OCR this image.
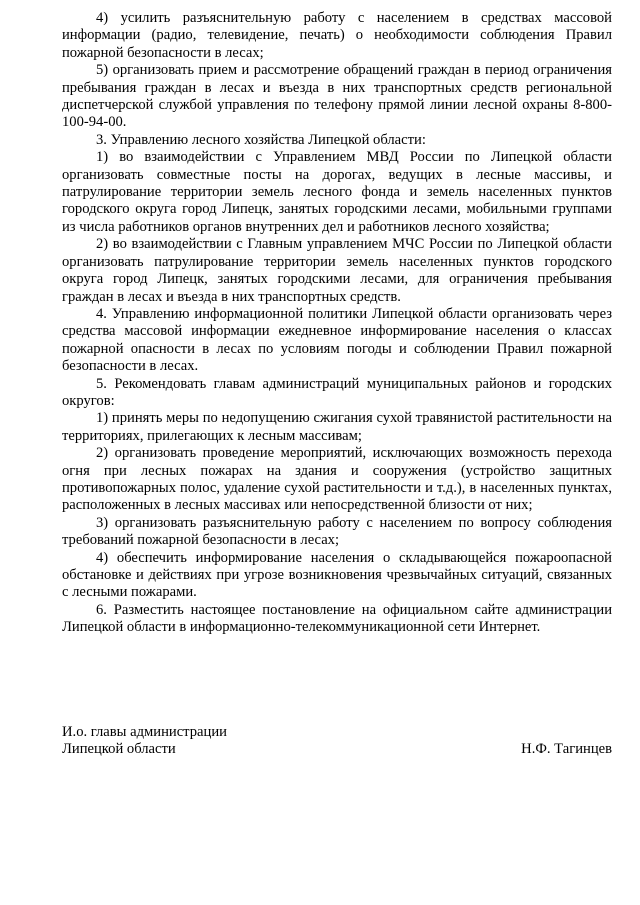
4) усилить разъяснительную работу с населением в средствах массовой информации (радио, телевидение, печать) о необходимости соблюдения Правил пожарной безопасности в лесах;

5) организовать прием и рассмотрение обращений граждан в период ограничения пребывания граждан в лесах и въезда в них транспортных средств региональной диспетчерской службой управления по телефону прямой линии лесной охраны 8-800-100-94-00.

3. Управлению лесного хозяйства Липецкой области:

1) во взаимодействии с Управлением МВД России по Липецкой области организовать совместные посты на дорогах, ведущих в лесные массивы, и патрулирование территории земель лесного фонда и земель населенных пунктов городского округа город Липецк, занятых городскими лесами, мобильными группами из числа работников органов внутренних дел и работников лесного хозяйства;

2) во взаимодействии с Главным управлением МЧС России по Липецкой области организовать патрулирование территории земель населенных пунктов городского округа город Липецк, занятых городскими лесами, для ограничения пребывания граждан в лесах и въезда в них транспортных средств.

4. Управлению информационной политики Липецкой области организовать через средства массовой информации ежедневное информирование населения о классах пожарной опасности в лесах по условиям погоды и соблюдении Правил пожарной безопасности в лесах.

5. Рекомендовать главам администраций муниципальных районов и городских округов:

1) принять меры по недопущению сжигания сухой травянистой растительности на территориях, прилегающих к лесным массивам;

2) организовать проведение мероприятий, исключающих возможность перехода огня при лесных пожарах на здания и сооружения (устройство защитных противопожарных полос, удаление сухой растительности и т.д.), в населенных пунктах, расположенных в лесных массивах или непосредственной близости от них;

3) организовать разъяснительную работу с населением по вопросу соблюдения требований пожарной безопасности в лесах;

4) обеспечить информирование населения о складывающейся пожароопасной обстановке и действиях при угрозе возникновения чрезвычайных ситуаций, связанных с лесными пожарами.

6. Разместить настоящее постановление на официальном сайте администрации Липецкой области в информационно-телекоммуникационной сети Интернет.

И.о. главы администрации
Липецкой области	Н.Ф. Тагинцев
